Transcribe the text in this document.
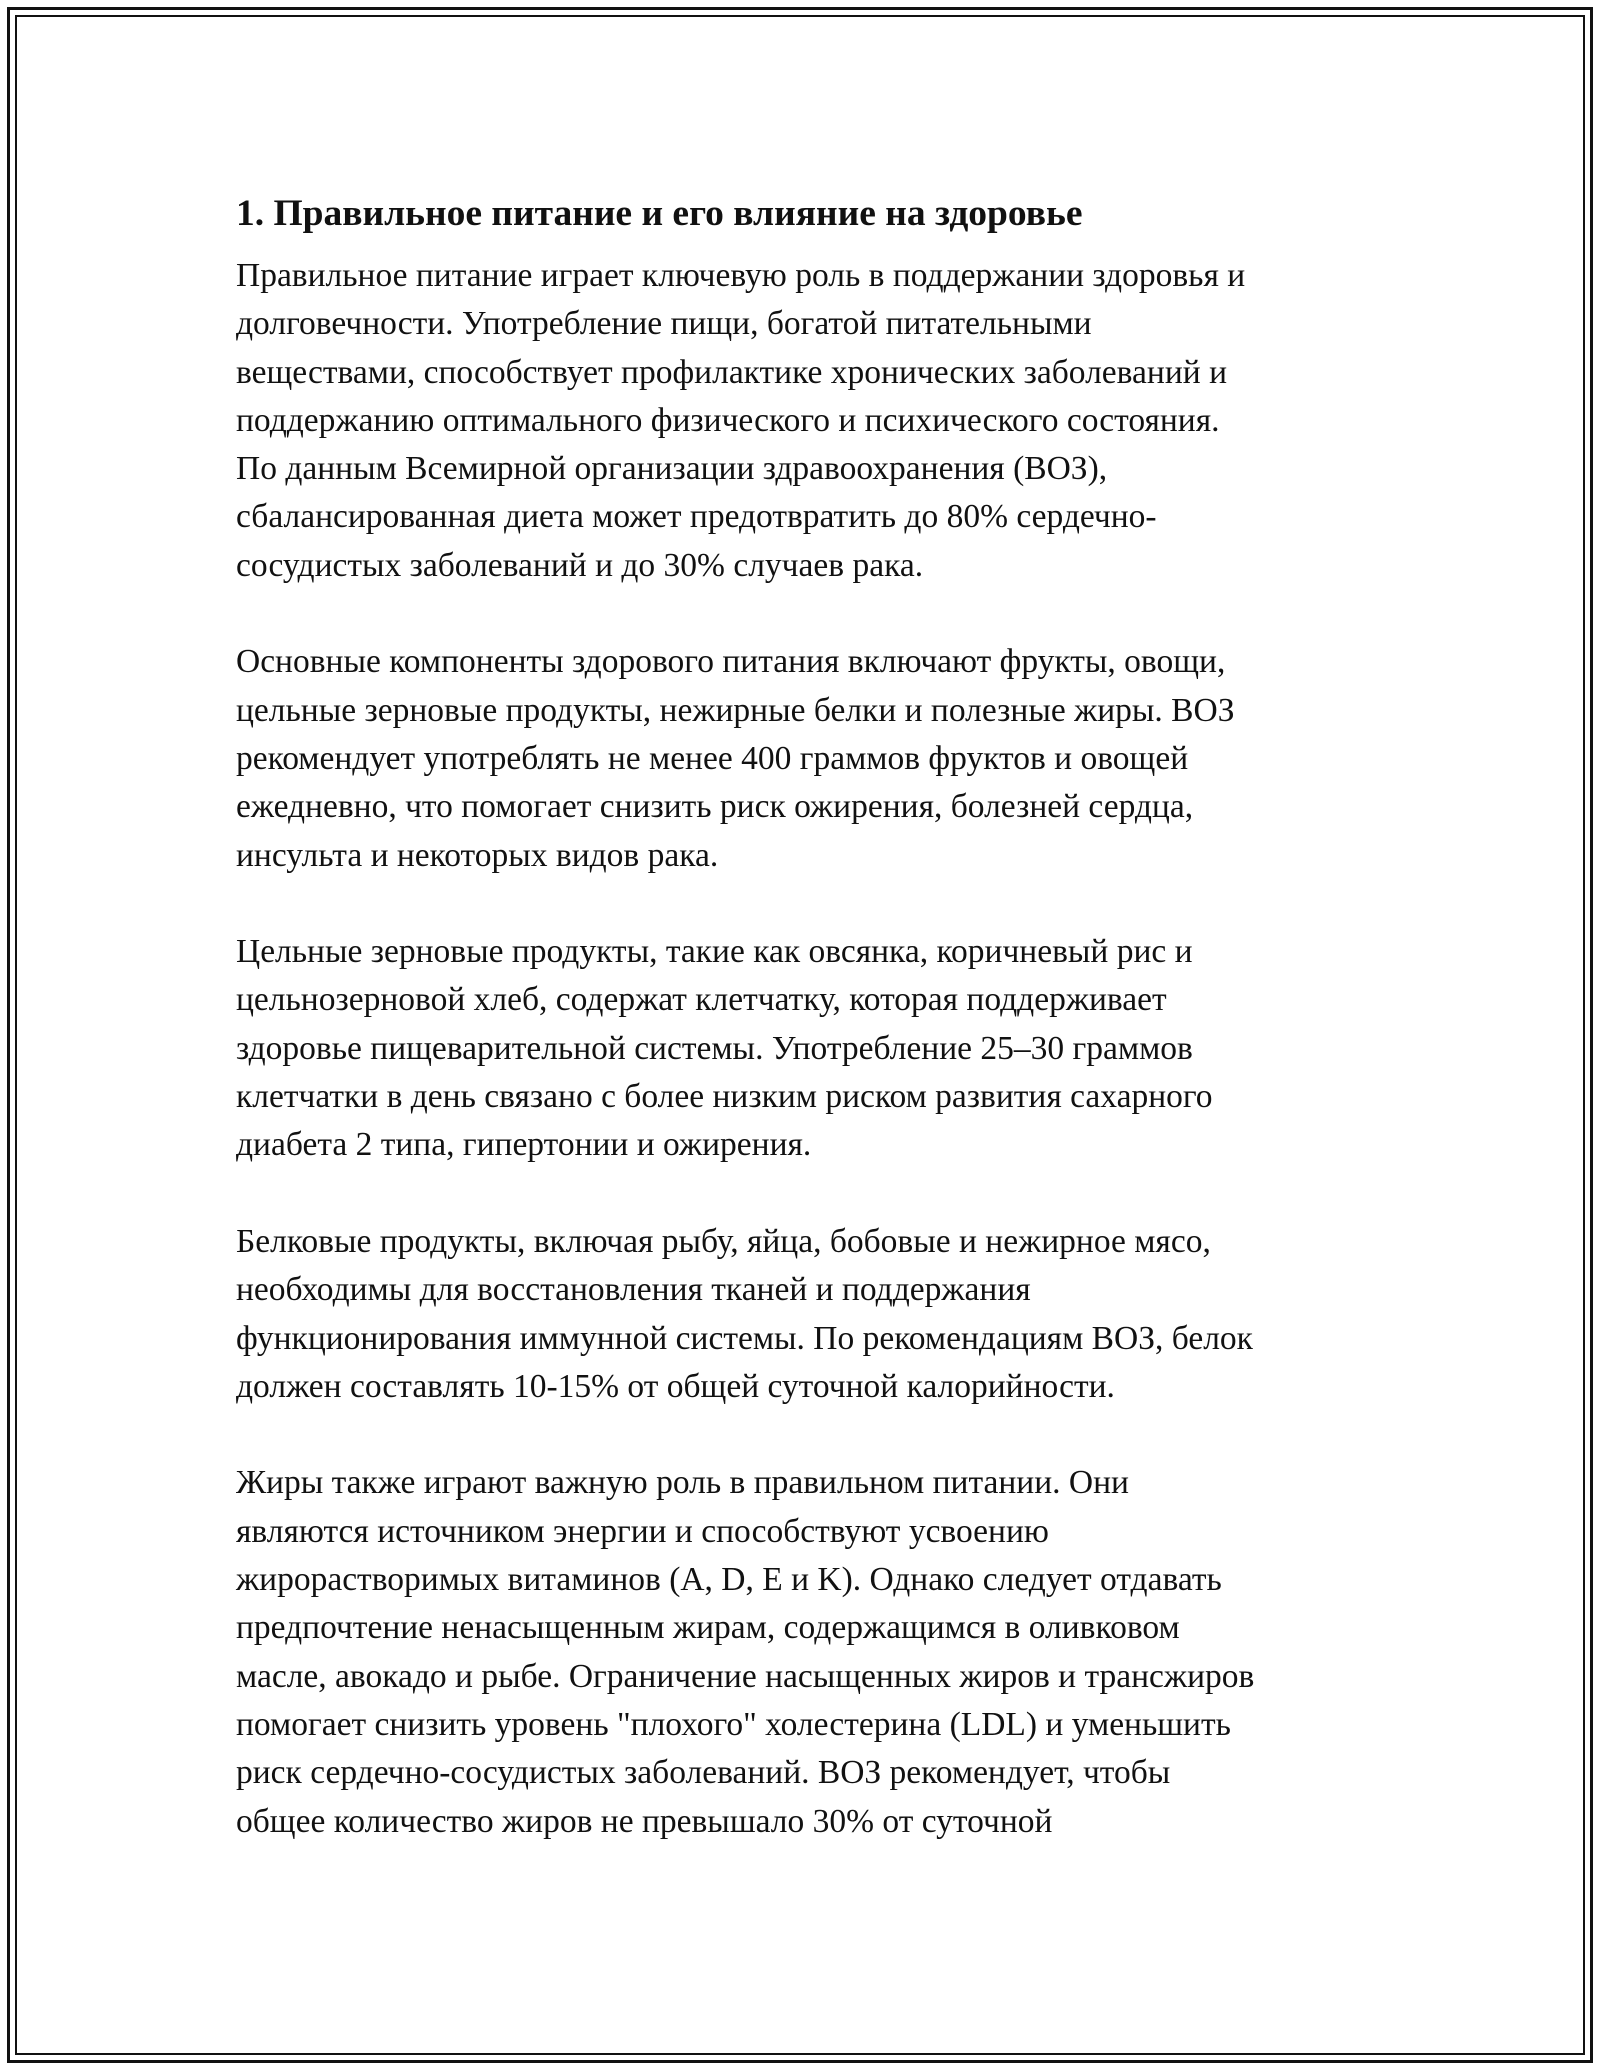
1. Правильное питание и его влияние на здоровье

Правильное питание играет ключевую роль в поддержании здоровья и
долговечности. Употребление пищи, богатой питательными
веществами, способствует профилактике хронических заболеваний и
поддержанию оптимального физического и психического состояния.
По данным Всемирной организации здравоохранения (ВОЗ),
сбалансированная диета может предотвратить до 80% сердечно-
сосудистых заболеваний и до 30% случаев рака.

Основные компоненты здорового питания включают фрукты, овощи,
цельные зерновые продукты, нежирные белки и полезные жиры. ВОЗ
рекомендует употреблять не менее 400 граммов фруктов и овощей
ежедневно, что помогает снизить риск ожирения, болезней сердца,
инсульта и некоторых видов рака.

Цельные зерновые продукты, такие как овсянка, коричневый рис и
цельнозерновой хлеб, содержат клетчатку, которая поддерживает
здоровье пищеварительной системы. Употребление 25–30 граммов
клетчатки в день связано с более низким риском развития сахарного
диабета 2 типа, гипертонии и ожирения.

Белковые продукты, включая рыбу, яйца, бобовые и нежирное мясо,
необходимы для восстановления тканей и поддержания
функционирования иммунной системы. По рекомендациям ВОЗ, белок
должен составлять 10-15% от общей суточной калорийности.

Жиры также играют важную роль в правильном питании. Они
являются источником энергии и способствуют усвоению
жирорастворимых витаминов (A, D, E и K). Однако следует отдавать
предпочтение ненасыщенным жирам, содержащимся в оливковом
масле, авокадо и рыбе. Ограничение насыщенных жиров и трансжиров
помогает снизить уровень "плохого" холестерина (LDL) и уменьшить
риск сердечно-сосудистых заболеваний. ВОЗ рекомендует, чтобы
общее количество жиров не превышало 30% от суточной
